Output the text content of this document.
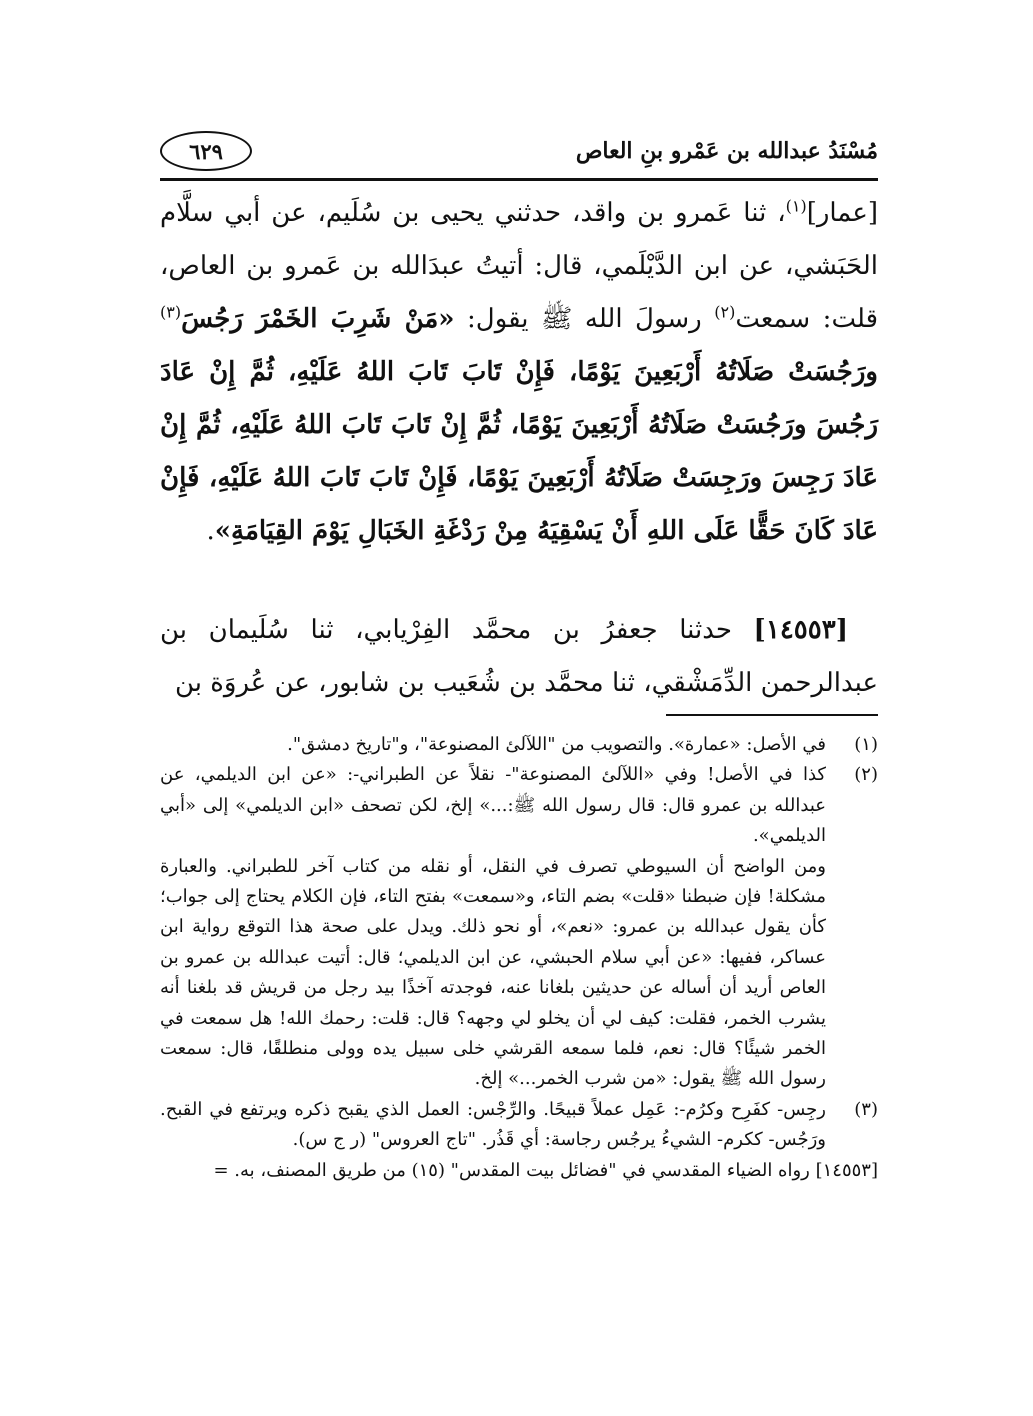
مُسْنَدُ عبدالله بن عَمْرو بنِ العاص
٦٢٩

[عمار]$^{(١)}$، ثنا عَمرو بن واقد، حدثني يحيى بن سُلَيم، عن أبي سلَّام الحَبَشي، عن ابن الدَّيْلَمي، قال: أتيتُ عبدَالله بن عَمرو بن العاص، قلت: سمعت$^{(٢)}$ رسولَ الله ﷺ يقول: «مَنْ شَرِبَ الخَمْرَ رَجُسَ$^{(٣)}$ ورَجُسَتْ صَلَاتُهُ أَرْبَعِينَ يَوْمًا، فَإِنْ تَابَ تَابَ اللهُ عَلَيْهِ، ثُمَّ إِنْ عَادَ رَجُسَ ورَجُسَتْ صَلَاتُهُ أَرْبَعِينَ يَوْمًا، ثُمَّ إِنْ تَابَ تَابَ اللهُ عَلَيْهِ، ثُمَّ إِنْ عَادَ رَجِسَ ورَجِسَتْ صَلَاتُهُ أَرْبَعِينَ يَوْمًا، فَإِنْ تَابَ تَابَ اللهُ عَلَيْهِ، فَإِنْ عَادَ كَانَ حَقًّا عَلَى اللهِ أَنْ يَسْقِيَهُ مِنْ رَدْغَةِ الخَبَالِ يَوْمَ القِيَامَةِ».

[١٤٥٥٣] حدثنا جعفرُ بن محمَّد الفِرْيابي، ثنا سُلَيمان بن عبدالرحمن الدِّمَشْقي، ثنا محمَّد بن شُعَيب بن شابور، عن عُروَة بن

(١)

في الأصل: «عمارة». والتصويب من "اللآلئ المصنوعة"، و"تاريخ دمشق".

(٢)

كذا في الأصل! وفي «اللآلئ المصنوعة"- نقلاً عن الطبراني-: «عن ابن الديلمي، عن عبدالله بن عمرو قال: قال رسول الله ﷺ:...» إلخ، لكن تصحف «ابن الديلمي» إلى «أبي الديلمي».

ومن الواضح أن السيوطي تصرف في النقل، أو نقله من كتاب آخر للطبراني. والعبارة مشكلة! فإن ضبطنا «قلت» بضم التاء، و«سمعت» بفتح التاء، فإن الكلام يحتاج إلى جواب؛ كأن يقول عبدالله بن عمرو: «نعم»، أو نحو ذلك. ويدل على صحة هذا التوقع رواية ابن عساكر، ففيها: «عن أبي سلام الحبشي، عن ابن الديلمي؛ قال: أتيت عبدالله بن عمرو بن العاص أريد أن أساله عن حديثين بلغانا عنه، فوجدته آخذًا بيد رجل من قريش قد بلغنا أنه يشرب الخمر، فقلت: كيف لي أن يخلو لي وجهه؟ قال: قلت: رحمك الله! هل سمعت في الخمر شيئًا؟ قال: نعم، فلما سمعه القرشي خلى سبيل يده وولى منطلقًا، قال: سمعت رسول الله ﷺ يقول: «من شرب الخمر...» إلخ.

(٣)

رجِس- كفَرِح وكرُم-: عَمِل عملاً قبيحًا. والرِّجْس: العمل الذي يقبح ذكره ويرتفع في القبح. ورَجُس- ككرم- الشيءُ يرجُس رجاسة: أي قَذُر. "تاج العروس" (ر ج س).

[١٤٥٥٣] رواه الضياء المقدسي في "فضائل بيت المقدس" (١٥) من طريق المصنف، به. =
